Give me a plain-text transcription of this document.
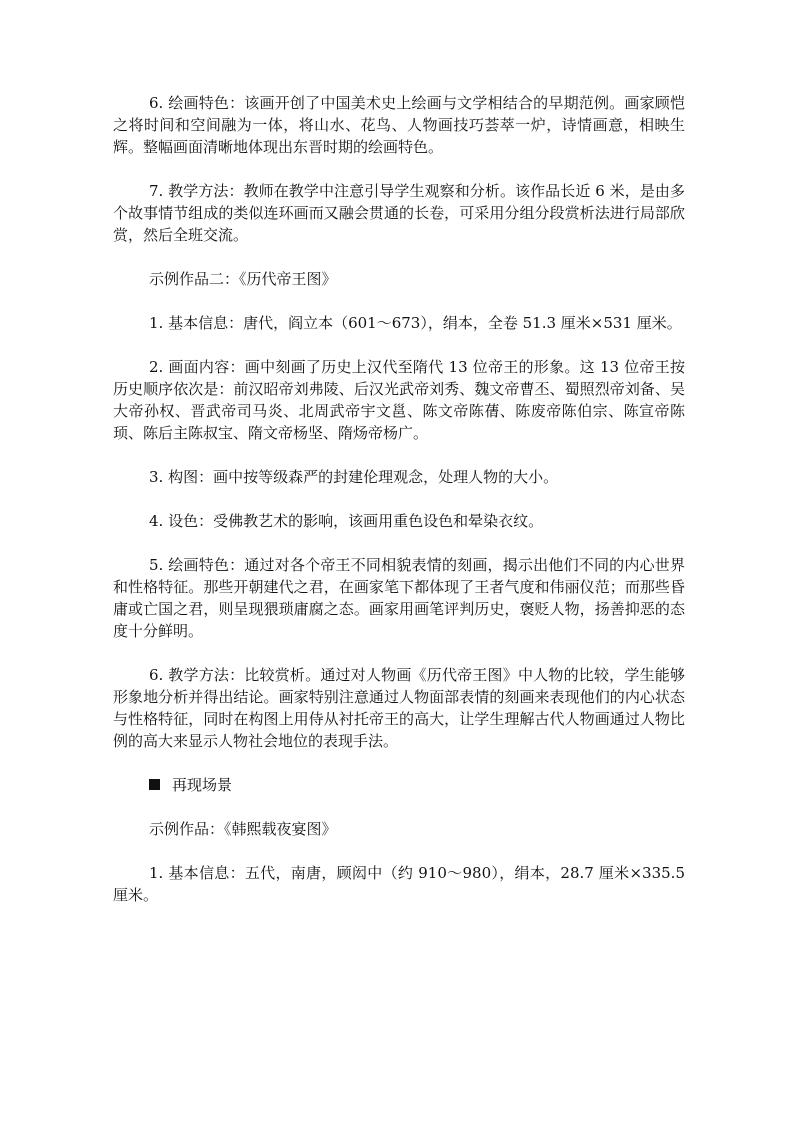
6. 绘画特色：该画开创了中国美术史上绘画与文学相结合的早期范例。画家顾恺之将时间和空间融为一体，将山水、花鸟、人物画技巧荟萃一炉，诗情画意，相映生辉。整幅画面清晰地体现出东晋时期的绘画特色。

7. 教学方法：教师在教学中注意引导学生观察和分析。该作品长近 6 米，是由多个故事情节组成的类似连环画而又融会贯通的长卷，可采用分组分段赏析法进行局部欣赏，然后全班交流。

示例作品二：《历代帝王图》

1. 基本信息：唐代，阎立本（601～673），绢本，全卷 51.3 厘米×531 厘米。

2. 画面内容：画中刻画了历史上汉代至隋代 13 位帝王的形象。这 13 位帝王按历史顺序依次是：前汉昭帝刘弗陵、后汉光武帝刘秀、魏文帝曹丕、蜀照烈帝刘备、吴大帝孙权、晋武帝司马炎、北周武帝宇文邕、陈文帝陈蒨、陈废帝陈伯宗、陈宣帝陈顼、陈后主陈叔宝、隋文帝杨坚、隋炀帝杨广。

3. 构图：画中按等级森严的封建伦理观念，处理人物的大小。

4. 设色：受佛教艺术的影响，该画用重色设色和晕染衣纹。

5. 绘画特色：通过对各个帝王不同相貌表情的刻画，揭示出他们不同的内心世界和性格特征。那些开朝建代之君，在画家笔下都体现了王者气度和伟丽仪范；而那些昏庸或亡国之君，则呈现猥琐庸腐之态。画家用画笔评判历史，褒贬人物，扬善抑恶的态度十分鲜明。

6. 教学方法：比较赏析。通过对人物画《历代帝王图》中人物的比较，学生能够形象地分析并得出结论。画家特别注意通过人物面部表情的刻画来表现他们的内心状态与性格特征，同时在构图上用侍从衬托帝王的高大，让学生理解古代人物画通过人物比例的高大来显示人物社会地位的表现手法。

再现场景

示例作品：《韩熙载夜宴图》

1. 基本信息：五代，南唐，顾闳中（约 910～980），绢本，28.7 厘米×335.5 厘米。
